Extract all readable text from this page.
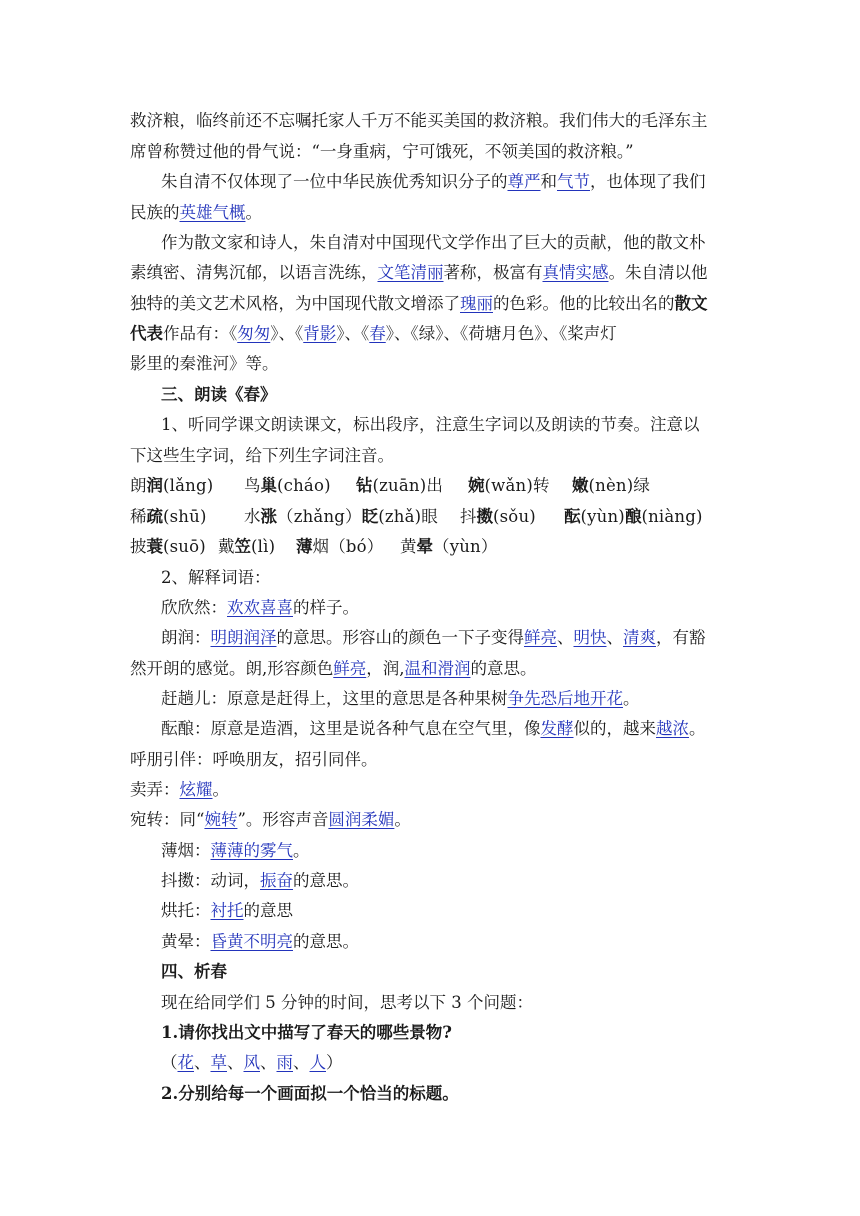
救济粮，临终前还不忘嘱托家人千万不能买美国的救济粮。我们伟大的毛泽东主
席曾称赞过他的骨气说：“一身重病，宁可饿死，不领美国的救济粮。”
朱自清不仅体现了一位中华民族优秀知识分子的尊严和气节，也体现了我们
民族的英雄气概。
作为散文家和诗人，朱自清对中国现代文学作出了巨大的贡献，他的散文朴
素缜密、清隽沉郁，以语言洗练，文笔清丽著称，极富有真情实感。朱自清以他
独特的美文艺术风格，为中国现代散文增添了瑰丽的色彩。他的比较出名的散文
代表作品有：《匆匆》、《背影》、《春》、《绿》、《荷塘月色》、《桨声灯
影里的秦淮河》等。
三、朗读《春》
1、听同学课文朗读课文，标出段序，注意生字词以及朗读的节奏。注意以
下这些生字词，给下列生字词注音。
朗润(lǎng) 鸟巢(cháo) 钻(zuān)出 婉(wǎn)转 嫩(nèn)绿
稀疏(shū) 水涨（zhǎng）眨(zhǎ)眼 抖擞(sǒu) 酝(yùn)酿(niàng)
披蓑(suō) 戴笠(lì) 薄烟（bó） 黄晕（yùn）
2、解释词语：
欣欣然：欢欢喜喜的样子。
朗润：明朗润泽的意思。形容山的颜色一下子变得鲜亮、明快、清爽，有豁
然开朗的感觉。朗,形容颜色鲜亮，润,温和滑润的意思。
赶趟儿：原意是赶得上，这里的意思是各种果树争先恐后地开花。
酝酿：原意是造酒，这里是说各种气息在空气里，像发酵似的，越来越浓。
呼朋引伴：呼唤朋友，招引同伴。
卖弄：炫耀。
宛转：同“婉转”。形容声音圆润柔媚。
薄烟：薄薄的雾气。
抖擞：动词，振奋的意思。
烘托：衬托的意思
黄晕：昏黄不明亮的意思。
四、析春
现在给同学们 5 分钟的时间，思考以下 3 个问题：
1.请你找出文中描写了春天的哪些景物?
（花、草、风、雨、人）
2.分别给每一个画面拟一个恰当的标题。
